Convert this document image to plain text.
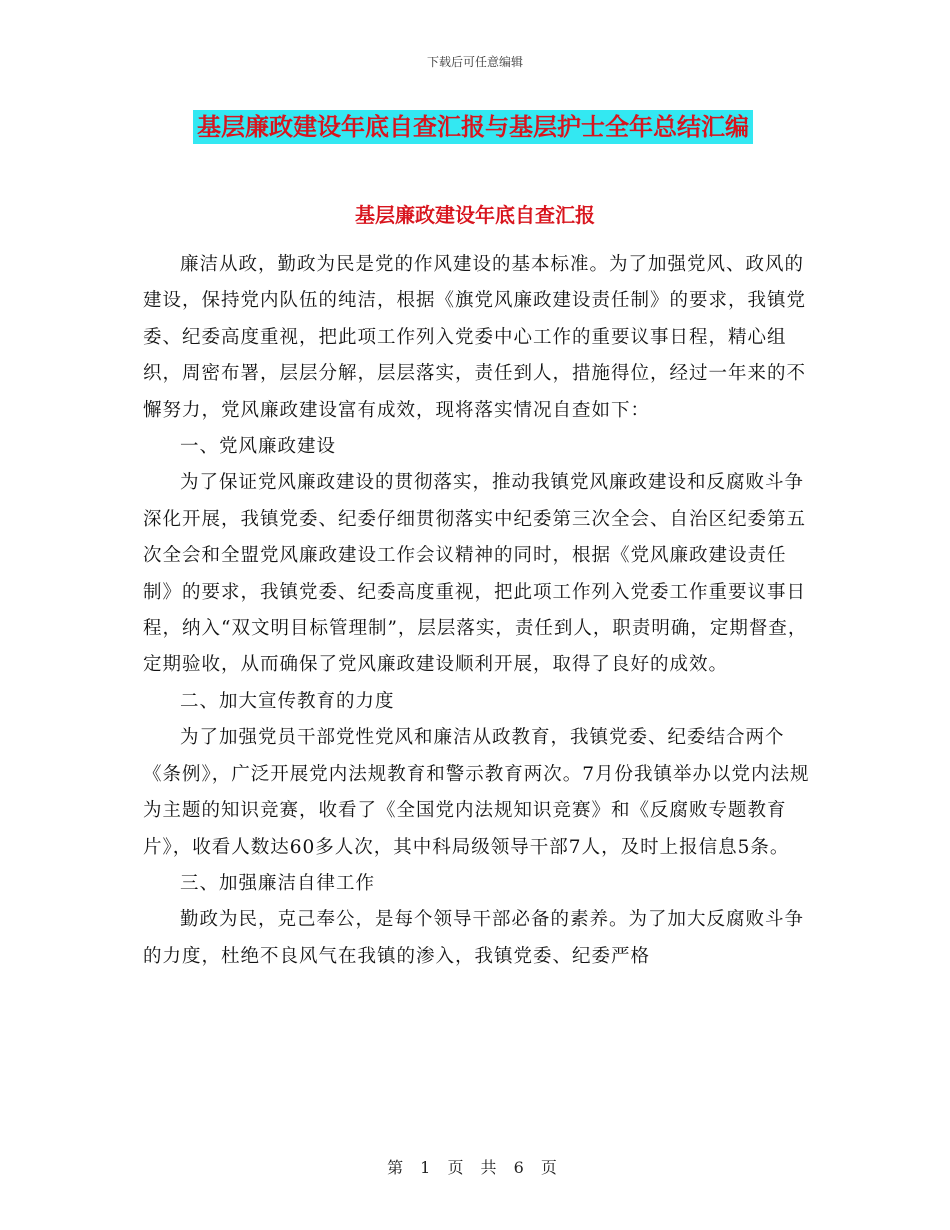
下载后可任意编辑
基层廉政建设年底自查汇报与基层护士全年总结汇编
基层廉政建设年底自查汇报

廉洁从政，勤政为民是党的作风建设的基本标准。为了加强党风、政风的建设，保持党内队伍的纯洁，根据《旗党风廉政建设责任制》的要求，我镇党委、纪委高度重视，把此项工作列入党委中心工作的重要议事日程，精心组织，周密布署，层层分解，层层落实，责任到人，措施得位，经过一年来的不懈努力，党风廉政建设富有成效，现将落实情况自查如下：

一、党风廉政建设

为了保证党风廉政建设的贯彻落实，推动我镇党风廉政建设和反腐败斗争深化开展，我镇党委、纪委仔细贯彻落实中纪委第三次全会、自治区纪委第五次全会和全盟党风廉政建设工作会议精神的同时，根据《党风廉政建设责任制》的要求，我镇党委、纪委高度重视，把此项工作列入党委工作重要议事日程，纳入“双文明目标管理制”，层层落实，责任到人，职责明确，定期督查，定期验收，从而确保了党风廉政建设顺利开展，取得了良好的成效。

二、加大宣传教育的力度

为了加强党员干部党性党风和廉洁从政教育，我镇党委、纪委结合两个《条例》，广泛开展党内法规教育和警示教育两次。7月份我镇举办以党内法规为主题的知识竞赛，收看了《全国党内法规知识竞赛》和《反腐败专题教育片》，收看人数达60多人次，其中科局级领导干部7人，及时上报信息5条。

三、加强廉洁自律工作

勤政为民，克己奉公，是每个领导干部必备的素养。为了加大反腐败斗争的力度，杜绝不良风气在我镇的渗入，我镇党委、纪委严格

第 1 页 共 6 页
